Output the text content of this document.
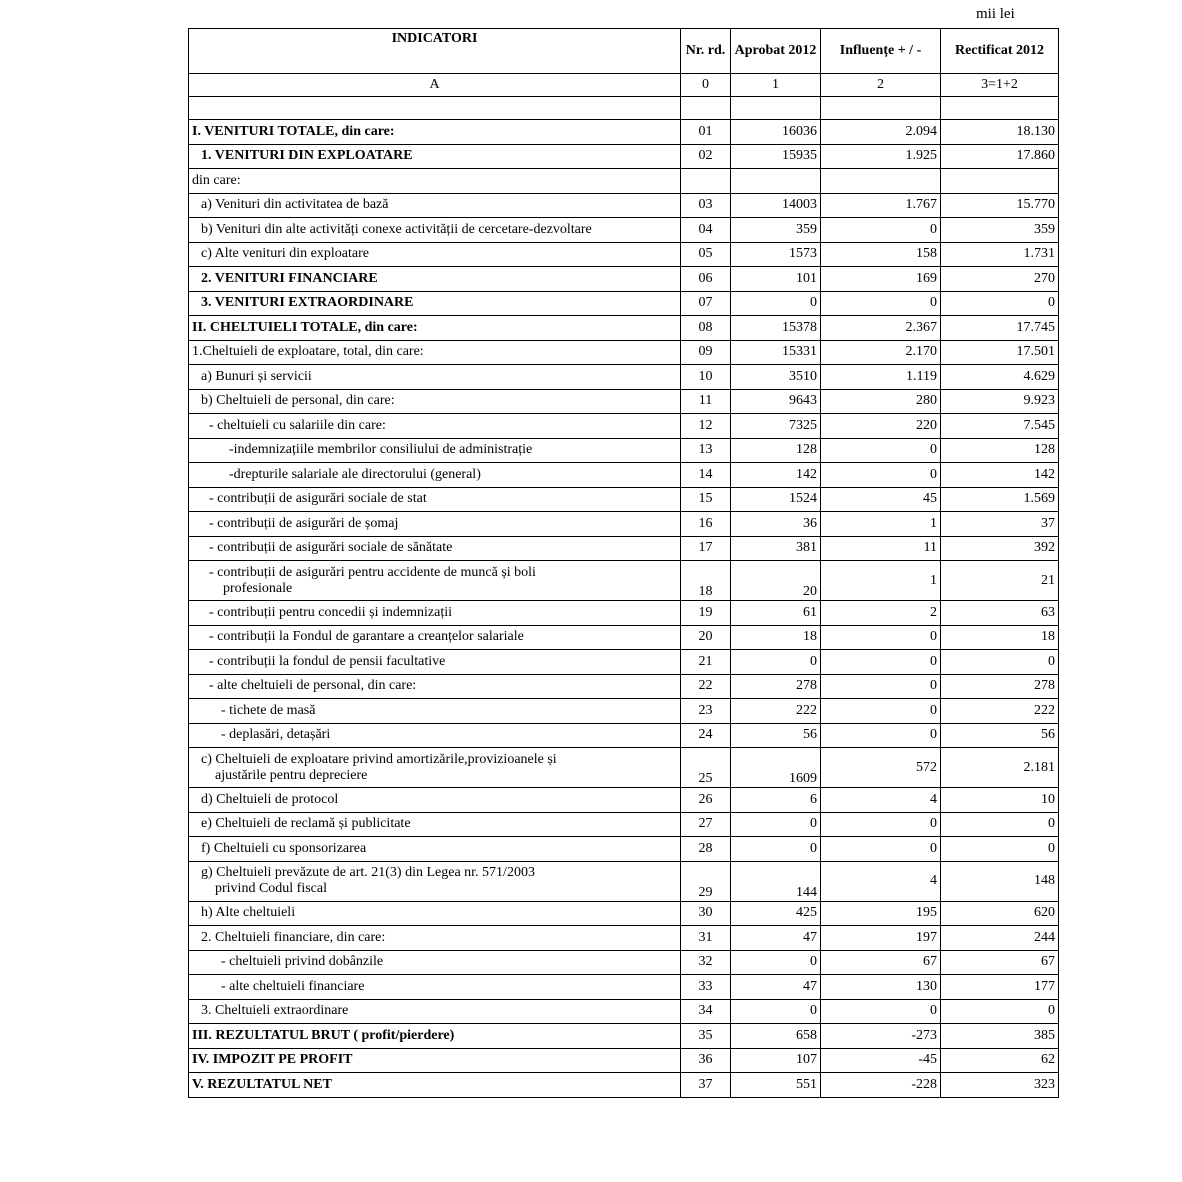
mii lei
INDICATORI	Nr. rd.	Aprobat 2012	Influențe + / -	Rectificat 2012
A	0	1	2	3=1+2

I. VENITURI TOTALE, din care:	01	16036	2.094	18.130
1. VENITURI DIN EXPLOATARE	02	15935	1.925	17.860
din care:				
a) Venituri din activitatea de bază	03	14003	1.767	15.770
b) Venituri din alte activități conexe activității de cercetare-dezvoltare	04	359	0	359
c) Alte venituri din exploatare	05	1573	158	1.731
2. VENITURI FINANCIARE	06	101	169	270
3. VENITURI EXTRAORDINARE	07	0	0	0
II. CHELTUIELI TOTALE, din care:	08	15378	2.367	17.745
1.Cheltuieli de exploatare, total, din care:	09	15331	2.170	17.501
a) Bunuri și servicii	10	3510	1.119	4.629
b) Cheltuieli de personal, din care:	11	9643	280	9.923
- cheltuieli cu salariile din care:	12	7325	220	7.545
-indemnizațiile membrilor consiliului de administrație	13	128	0	128
-drepturile salariale ale directorului (general)	14	142	0	142
- contribuții de asigurări sociale de stat	15	1524	45	1.569
- contribuții de asigurări de șomaj	16	36	1	37
- contribuții de asigurări sociale de sănătate	17	381	11	392

- contribuții de asigurări pentru accidente de muncă și boli
profesionale	18	20	1	21
- contribuții pentru concedii și indemnizații	19	61	2	63
- contribuții la Fondul de garantare a creanțelor salariale	20	18	0	18
- contribuții la fondul de pensii facultative	21	0	0	0
- alte cheltuieli de personal, din care:	22	278	0	278
- tichete de masă	23	222	0	222
- deplasări, detașări	24	56	0	56

c) Cheltuieli de exploatare privind amortizările,provizioanele și
ajustările pentru depreciere	25	1609	572	2.181
d) Cheltuieli de protocol	26	6	4	10
e) Cheltuieli de reclamă și publicitate	27	0	0	0
f) Cheltuieli cu sponsorizarea	28	0	0	0

g) Cheltuieli prevăzute de art. 21(3) din Legea nr. 571/2003
privind Codul fiscal	29	144	4	148
h) Alte cheltuieli	30	425	195	620
2. Cheltuieli financiare, din care:	31	47	197	244
- cheltuieli privind dobânzile	32	0	67	67
- alte cheltuieli financiare	33	47	130	177
3. Cheltuieli extraordinare	34	0	0	0
III. REZULTATUL BRUT ( profit/pierdere)	35	658	-273	385
IV. IMPOZIT PE PROFIT	36	107	-45	62
V. REZULTATUL NET	37	551	-228	323
